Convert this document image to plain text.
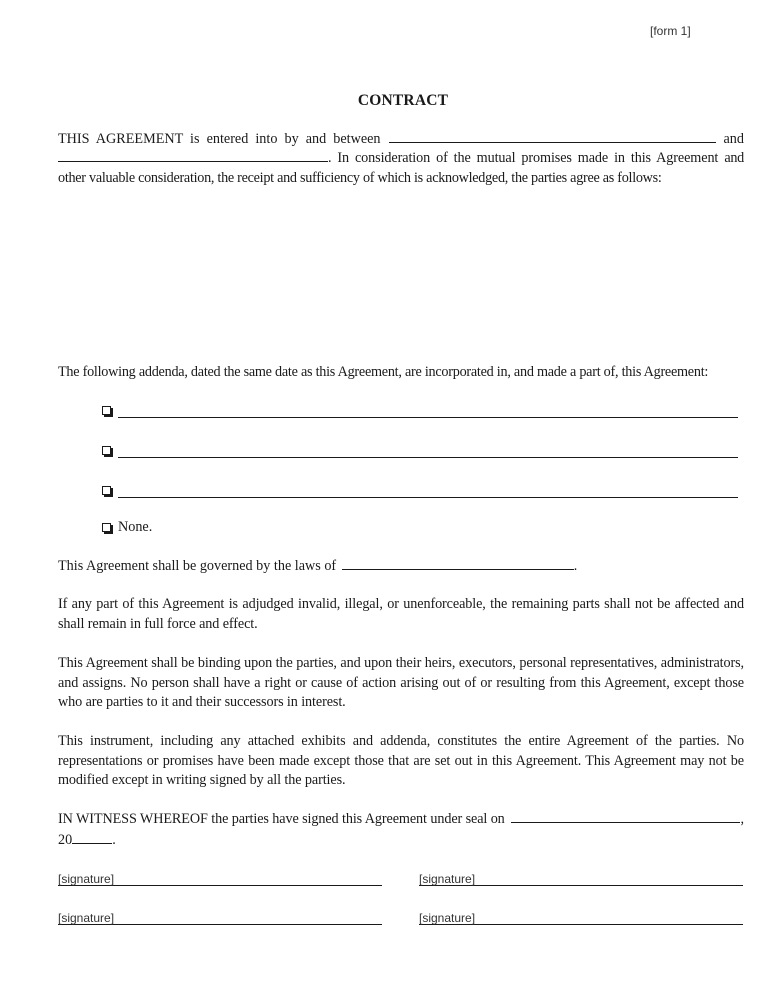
[form 1]
CONTRACT

THIS AGREEMENT is entered into by and between	and

. In consideration of the mutual promises made in this Agreement and other valuable consideration, the receipt and sufficiency of which is acknowledged, the parties agree as follows:

The following addenda, dated the same date as this Agreement, are incorporated in, and made a part of, this Agreement:

None.

This Agreement shall be governed by the laws of	.

If any part of this Agreement is adjudged invalid, illegal, or unenforceable, the remaining parts shall not be affected and shall remain in full force and effect.

This Agreement shall be binding upon the parties, and upon their heirs, executors, personal representatives, administrators, and assigns. No person shall have a right or cause of action arising out of or resulting from this Agreement, except those who are parties to it and their successors in interest.

This instrument, including any attached exhibits and addenda, constitutes the entire Agreement of the parties. No representations or promises have been made except those that are set out in this Agreement. This Agreement may not be modified except in writing signed by all the parties.

IN WITNESS WHEREOF the parties have signed this Agreement under seal on	,
20	.

[signature]	[signature]
[signature]	[signature]
